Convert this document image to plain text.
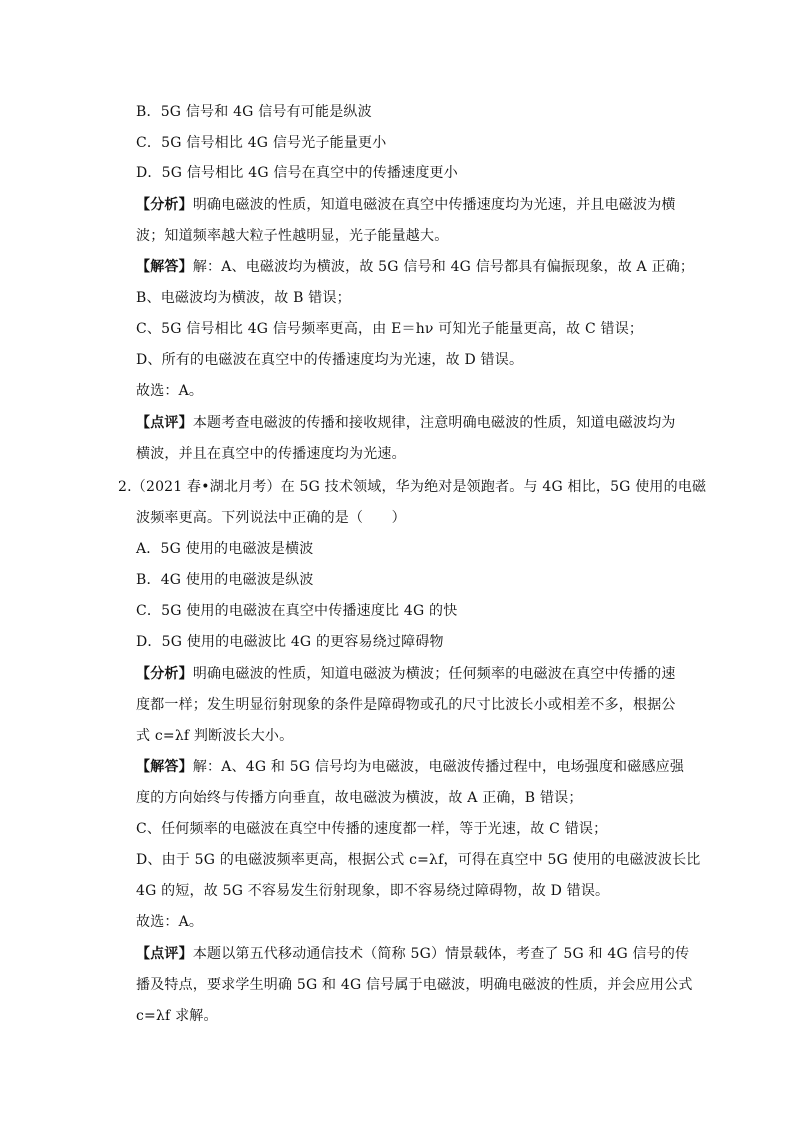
B．5G 信号和 4G 信号有可能是纵波
C．5G 信号相比 4G 信号光子能量更小
D．5G 信号相比 4G 信号在真空中的传播速度更小
【分析】明确电磁波的性质，知道电磁波在真空中传播速度均为光速，并且电磁波为横
波；知道频率越大粒子性越明显，光子能量越大。
【解答】解：A、电磁波均为横波，故 5G 信号和 4G 信号都具有偏振现象，故 A 正确；
B、电磁波均为横波，故 B 错误；
C、5G 信号相比 4G 信号频率更高，由 E＝hν 可知光子能量更高，故 C 错误；
D、所有的电磁波在真空中的传播速度均为光速，故 D 错误。
故选：A。
【点评】本题考查电磁波的传播和接收规律，注意明确电磁波的性质，知道电磁波均为
横波，并且在真空中的传播速度均为光速。
2.（2021 春•湖北月考）在 5G 技术领域，华为绝对是领跑者。与 4G 相比，5G 使用的电磁
波频率更高。下列说法中正确的是（　　）
A．5G 使用的电磁波是横波
B．4G 使用的电磁波是纵波
C．5G 使用的电磁波在真空中传播速度比 4G 的快
D．5G 使用的电磁波比 4G 的更容易绕过障碍物
【分析】明确电磁波的性质，知道电磁波为横波；任何频率的电磁波在真空中传播的速
度都一样；发生明显衍射现象的条件是障碍物或孔的尺寸比波长小或相差不多，根据公
式 c=λf 判断波长大小。
【解答】解：A、4G 和 5G 信号均为电磁波，电磁波传播过程中，电场强度和磁感应强
度的方向始终与传播方向垂直，故电磁波为横波，故 A 正确，B 错误；
C、任何频率的电磁波在真空中传播的速度都一样，等于光速，故 C 错误；
D、由于 5G 的电磁波频率更高，根据公式 c=λf，可得在真空中 5G 使用的电磁波波长比
4G 的短，故 5G 不容易发生衍射现象，即不容易绕过障碍物，故 D 错误。
故选：A。
【点评】本题以第五代移动通信技术（简称 5G）情景载体，考查了 5G 和 4G 信号的传
播及特点，要求学生明确 5G 和 4G 信号属于电磁波，明确电磁波的性质，并会应用公式
c=λf 求解。
